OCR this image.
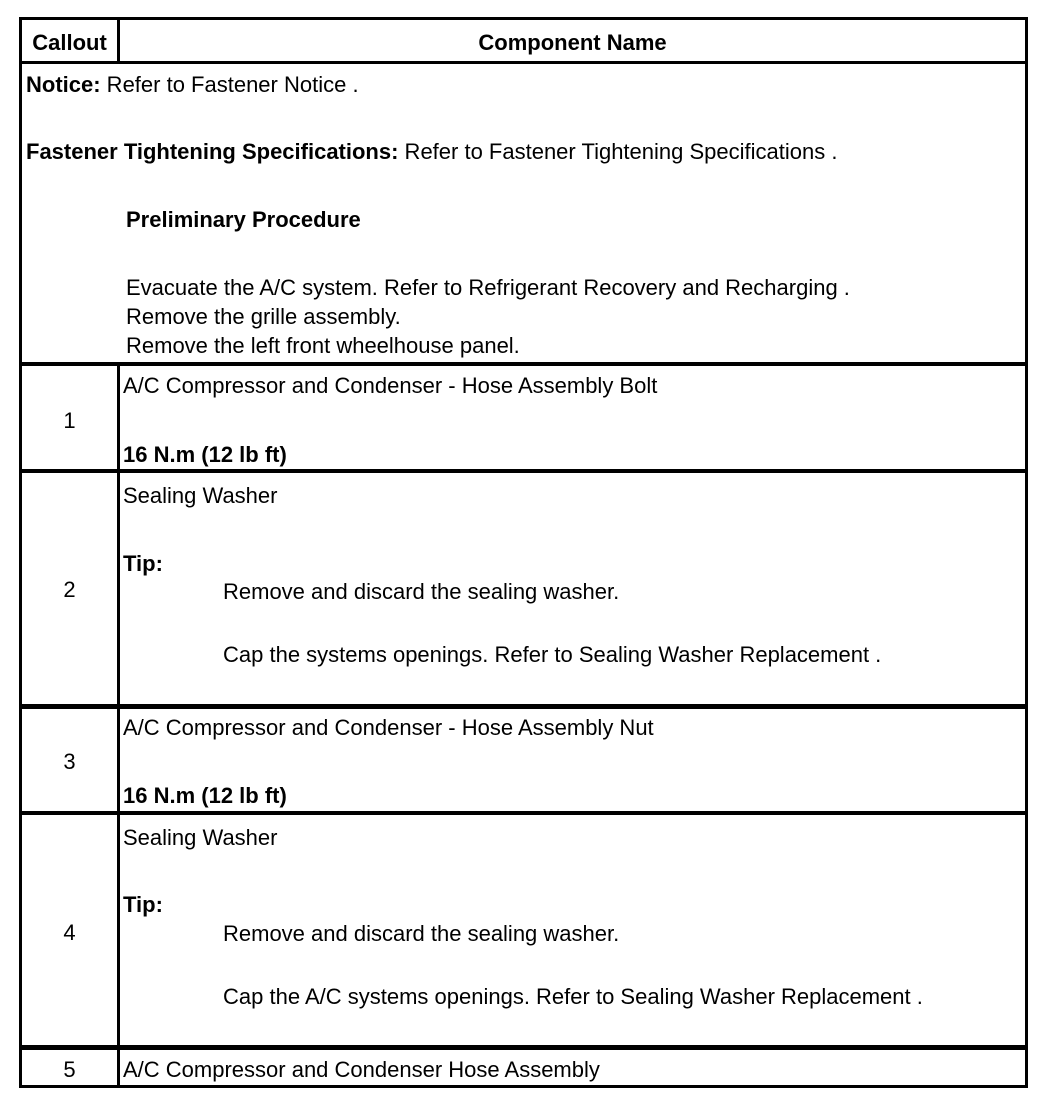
Callout	Component Name
Notice: Refer to Fastener Notice .
Fastener Tightening Specifications: Refer to Fastener Tightening Specifications .
Preliminary Procedure
Evacuate the A/C system. Refer to Refrigerant Recovery and Recharging .
Remove the grille assembly.
Remove the left front wheelhouse panel.
1
A/C Compressor and Condenser - Hose Assembly Bolt
16 N.m (12 lb ft)
2
Sealing Washer
Tip:
Remove and discard the sealing washer.
Cap the systems openings. Refer to Sealing Washer Replacement .
3
A/C Compressor and Condenser - Hose Assembly Nut
16 N.m (12 lb ft)
4
Sealing Washer
Tip:
Remove and discard the sealing washer.
Cap the A/C systems openings. Refer to Sealing Washer Replacement .
5	A/C Compressor and Condenser Hose Assembly
